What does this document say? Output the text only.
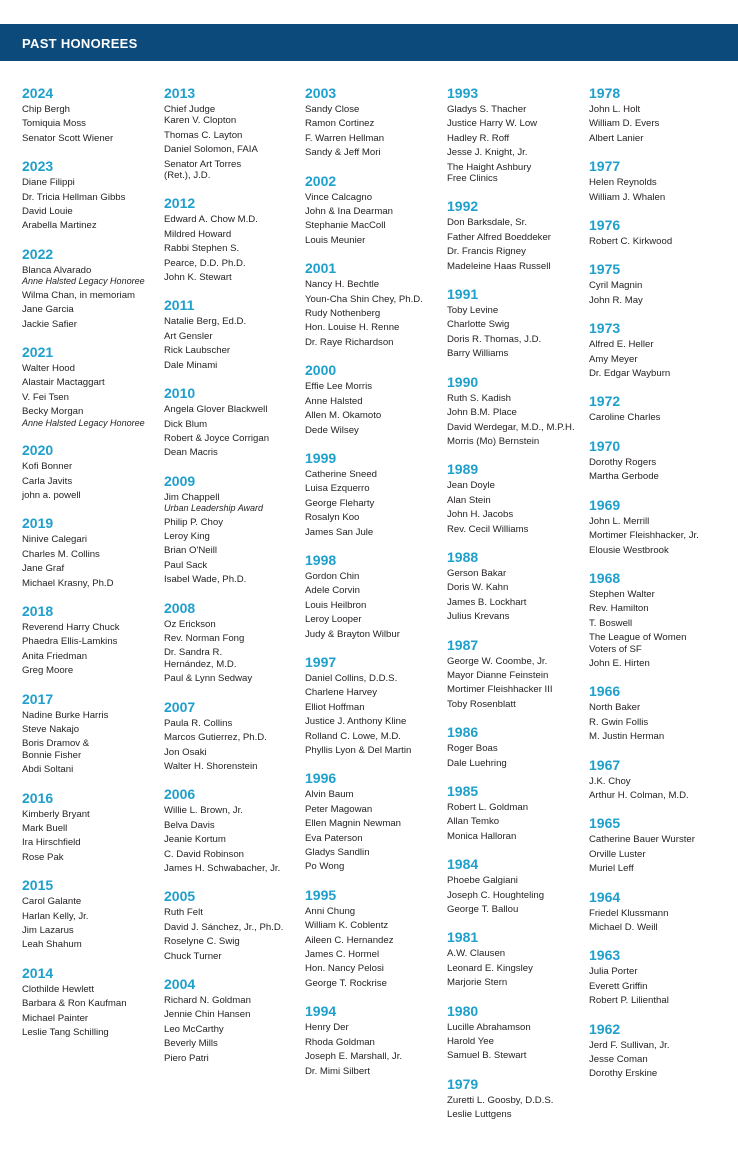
PAST HONOREES
2024
Chip Bergh
Tomiquia Moss
Senator Scott Wiener
2023
Diane Filippi
Dr. Tricia Hellman Gibbs
David Louie
Arabella Martinez
2022
Blanca Alvarado
Anne Halsted Legacy Honoree
Wilma Chan, in memoriam
Jane Garcia
Jackie Safier
2021
Walter Hood
Alastair Mactaggart
V. Fei Tsen
Becky Morgan
Anne Halsted Legacy Honoree
2020
Kofi Bonner
Carla Javits
john a. powell
2019
Ninive Calegari
Charles M. Collins
Jane Graf
Michael Krasny, Ph.D
2018
Reverend Harry Chuck
Phaedra Ellis-Lamkins
Anita Friedman
Greg Moore
2017
Nadine Burke Harris
Steve Nakajo
Boris Dramov &
Bonnie Fisher
Abdi Soltani
2016
Kimberly Bryant
Mark Buell
Ira Hirschfield
Rose Pak
2015
Carol Galante
Harlan Kelly, Jr.
Jim Lazarus
Leah Shahum
2014
Clothilde Hewlett
Barbara & Ron Kaufman
Michael Painter
Leslie Tang Schilling
2013
Chief Judge
Karen V. Clopton
Thomas C. Layton
Daniel Solomon, FAIA
Senator Art Torres
(Ret.), J.D.
2012
Edward A. Chow M.D.
Mildred Howard
Rabbi Stephen S.
Pearce, D.D. Ph.D.
John K. Stewart
2011
Natalie Berg, Ed.D.
Art Gensler
Rick Laubscher
Dale Minami
2010
Angela Glover Blackwell
Dick Blum
Robert & Joyce Corrigan
Dean Macris
2009
Jim Chappell
Urban Leadership Award
Philip P. Choy
Leroy King
Brian O'Neill
Paul Sack
Isabel Wade, Ph.D.
2008
Oz Erickson
Rev. Norman Fong
Dr. Sandra R.
Hernández, M.D.
Paul & Lynn Sedway
2007
Paula R. Collins
Marcos Gutierrez, Ph.D.
Jon Osaki
Walter H. Shorenstein
2006
Willie L. Brown, Jr.
Belva Davis
Jeanie Kortum
C. David Robinson
James H. Schwabacher, Jr.
2005
Ruth Felt
David J. Sánchez, Jr., Ph.D.
Roselyne C. Swig
Chuck Turner
2004
Richard N. Goldman
Jennie Chin Hansen
Leo McCarthy
Beverly Mills
Piero Patri
2003
Sandy Close
Ramon Cortinez
F. Warren Hellman
Sandy & Jeff Mori
2002
Vince Calcagno
John & Ina Dearman
Stephanie MacColl
Louis Meunier
2001
Nancy H. Bechtle
Youn-Cha Shin Chey, Ph.D.
Rudy Nothenberg
Hon. Louise H. Renne
Dr. Raye Richardson
2000
Effie Lee Morris
Anne Halsted
Allen M. Okamoto
Dede Wilsey
1999
Catherine Sneed
Luisa Ezquerro
George Fleharty
Rosalyn Koo
James San Jule
1998
Gordon Chin
Adele Corvin
Louis Heilbron
Leroy Looper
Judy & Brayton Wilbur
1997
Daniel Collins, D.D.S.
Charlene Harvey
Elliot Hoffman
Justice J. Anthony Kline
Rolland C. Lowe, M.D.
Phyllis Lyon & Del Martin
1996
Alvin Baum
Peter Magowan
Ellen Magnin Newman
Eva Paterson
Gladys Sandlin
Po Wong
1995
Anni Chung
William K. Coblentz
Aileen C. Hernandez
James C. Hormel
Hon. Nancy Pelosi
George T. Rockrise
1994
Henry Der
Rhoda Goldman
Joseph E. Marshall, Jr.
Dr. Mimi Silbert
1993
Gladys S. Thacher
Justice Harry W. Low
Hadley R. Roff
Jesse J. Knight, Jr.
The Haight Ashbury
Free Clinics
1992
Don Barksdale, Sr.
Father Alfred Boeddeker
Dr. Francis Rigney
Madeleine Haas Russell
1991
Toby Levine
Charlotte Swig
Doris R. Thomas, J.D.
Barry Williams
1990
Ruth S. Kadish
John B.M. Place
David Werdegar, M.D., M.P.H.
Morris (Mo) Bernstein
1989
Jean Doyle
Alan Stein
John H. Jacobs
Rev. Cecil Williams
1988
Gerson Bakar
Doris W. Kahn
James B. Lockhart
Julius Krevans
1987
George W. Coombe, Jr.
Mayor Dianne Feinstein
Mortimer Fleishhacker III
Toby Rosenblatt
1986
Roger Boas
Dale Luehring
1985
Robert L. Goldman
Allan Temko
Monica Halloran
1984
Phoebe Galgiani
Joseph C. Houghteling
George T. Ballou
1981
A.W. Clausen
Leonard E. Kingsley
Marjorie Stern
1980
Lucille Abrahamson
Harold Yee
Samuel B. Stewart
1979
Zuretti L. Goosby, D.D.S.
Leslie Luttgens
1978
John L. Holt
William D. Evers
Albert Lanier
1977
Helen Reynolds
William J. Whalen
1976
Robert C. Kirkwood
1975
Cyril Magnin
John R. May
1973
Alfred E. Heller
Amy Meyer
Dr. Edgar Wayburn
1972
Caroline Charles
1970
Dorothy Rogers
Martha Gerbode
1969
John L. Merrill
Mortimer Fleishhacker, Jr.
Elousie Westbrook
1968
Stephen Walter
Rev. Hamilton
T. Boswell
The League of Women
Voters of SF
John E. Hirten
1966
North Baker
R. Gwin Follis
M. Justin Herman
1967
J.K. Choy
Arthur H. Colman, M.D.
1965
Catherine Bauer Wurster
Orville Luster
Muriel Leff
1964
Friedel Klussmann
Michael D. Weill
1963
Julia Porter
Everett Griffin
Robert P. Lilienthal
1962
Jerd F. Sullivan, Jr.
Jesse Coman
Dorothy Erskine
